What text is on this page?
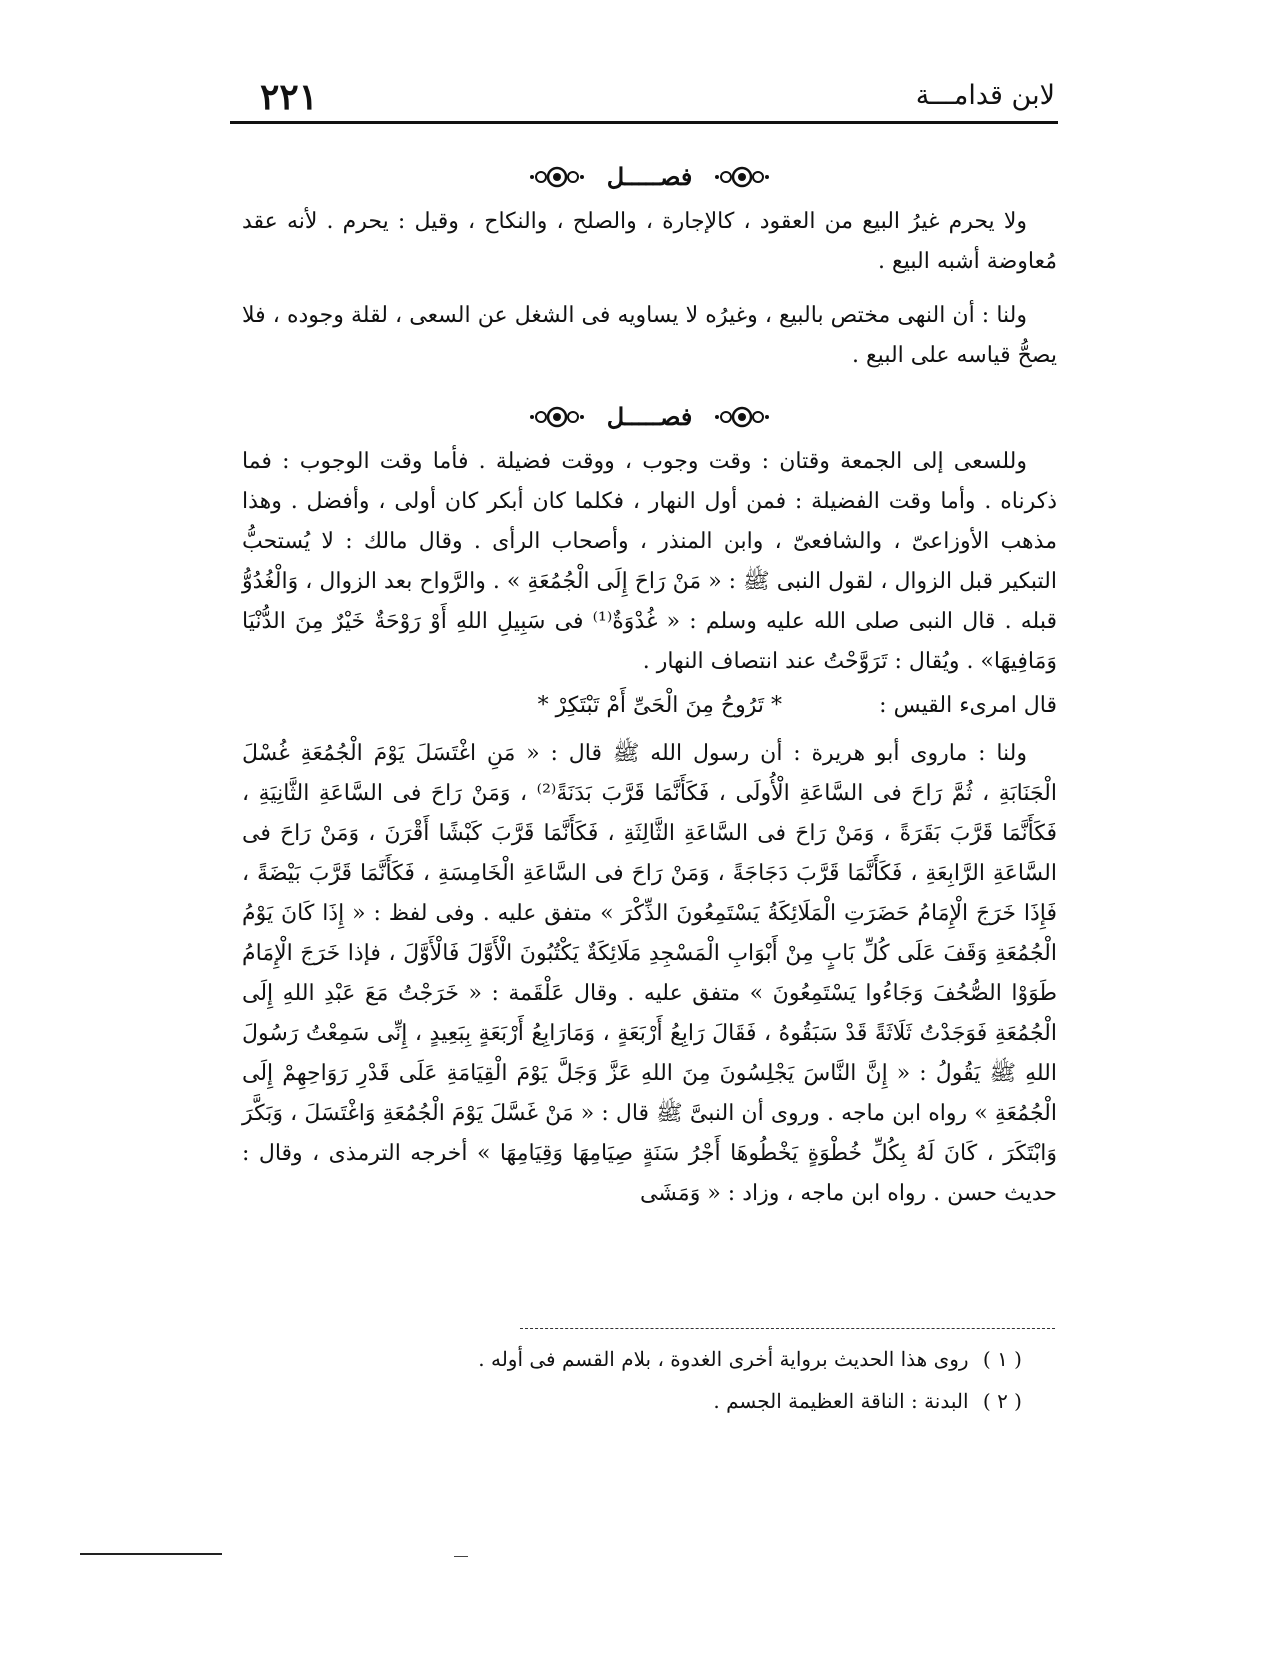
لابن قدامـــة
٢٢١
فصـــــل

ولا يحرم غيرُ البيع من العقود ، كالإجارة ، والصلح ، والنكاح ، وقيل : يحرم . لأنه عقد مُعاوضة أشبه البيع .

ولنا : أن النهى مختص بالبيع ، وغيرُه لا يساويه فى الشغل عن السعى ، لقلة وجوده ، فلا يصحُّ قياسه على البيع .

فصـــــل

وللسعى إلى الجمعة وقتان : وقت وجوب ، ووقت فضيلة . فأما وقت الوجوب : فما ذكرناه . وأما وقت الفضيلة : فمن أول النهار ، فكلما كان أبكر كان أولى ، وأفضل . وهذا مذهب الأوزاعىّ ، والشافعىّ ، وابن المنذر ، وأصحاب الرأى . وقال مالك : لا يُستحبُّ التبكير قبل الزوال ، لقول النبى ﷺ : « مَنْ رَاحَ إِلَى الْجُمُعَةِ » . والرَّواح بعد الزوال ، وَالْغُدُوُّ قبله . قال النبى صلى الله عليه وسلم : « غُدْوَةٌ⁽¹⁾ فى سَبِيلِ اللهِ أَوْ رَوْحَةٌ خَيْرٌ مِنَ الدُّنْيَا وَمَافِيهَا» . ويُقال : تَرَوَّحْتُ عند انتصاف النهار .

قال امرىء القيس :
* تَرُوحُ مِنَ الْحَىِّ أَمْ تَبْتَكِرْ *

ولنا : ماروى أبو هريرة : أن رسول الله ﷺ قال : « مَنِ اغْتَسَلَ يَوْمَ الْجُمُعَةِ غُسْلَ الْجَنَابَةِ ، ثُمَّ رَاحَ فى السَّاعَةِ الْأُولَى ، فَكَأَنَّمَا قَرَّبَ بَدَنَةً⁽²⁾ ، وَمَنْ رَاحَ فى السَّاعَةِ الثَّانِيَةِ ، فَكَأَنَّمَا قَرَّبَ بَقَرَةً ، وَمَنْ رَاحَ فى السَّاعَةِ الثَّالِثَةِ ، فَكَأَنَّمَا قَرَّبَ كَبْشًا أَقْرَنَ ، وَمَنْ رَاحَ فى السَّاعَةِ الرَّابِعَةِ ، فَكَأَنَّمَا قَرَّبَ دَجَاجَةً ، وَمَنْ رَاحَ فى السَّاعَةِ الْخَامِسَةِ ، فَكَأَنَّمَا قَرَّبَ بَيْضَةً ، فَإِذَا خَرَجَ الْإِمَامُ حَضَرَتِ الْمَلَائِكَةُ يَسْتَمِعُونَ الذِّكْرَ » متفق عليه . وفى لفظ : « إِذَا كَانَ يَوْمُ الْجُمُعَةِ وَقَفَ عَلَى كُلِّ بَابٍ مِنْ أَبْوَابِ الْمَسْجِدِ مَلَائِكَةٌ يَكْتُبُونَ الْأَوَّلَ فَالْأَوَّلَ ، فإذا خَرَجَ الْإِمَامُ طَوَوْا الصُّحُفَ وَجَاءُوا يَسْتَمِعُونَ » متفق عليه . وقال عَلْقَمة : « خَرَجْتُ مَعَ عَبْدِ اللهِ إِلَى الْجُمُعَةِ فَوَجَدْتُ ثَلَاثَةً قَدْ سَبَقُوهُ ، فَقَالَ رَابِعُ أَرْبَعَةٍ ، وَمَارَابِعُ أَرْبَعَةٍ بِبَعِيدٍ ، إِنِّى سَمِعْتُ رَسُولَ اللهِ ﷺ يَقُولُ : « إِنَّ النَّاسَ يَجْلِسُونَ مِنَ اللهِ عَزَّ وَجَلَّ يَوْمَ الْقِيَامَةِ عَلَى قَدْرِ رَوَاحِهِمْ إِلَى الْجُمُعَةِ » رواه ابن ماجه . وروى أن النبىَّ ﷺ قال : « مَنْ غَسَّلَ يَوْمَ الْجُمُعَةِ وَاغْتَسَلَ ، وَبَكَّرَ وَابْتَكَرَ ، كَانَ لَهُ بِكُلِّ خُطْوَةٍ يَخْطُوهَا أَجْرُ سَنَةٍ صِيَامِهَا وَقِيَامِهَا » أخرجه الترمذى ، وقال : حديث حسن . رواه ابن ماجه ، وزاد : « وَمَشَى

( ١ ) روى هذا الحديث برواية أخرى الغدوة ، بلام القسم فى أوله .

( ٢ ) البدنة : الناقة العظيمة الجسم .
